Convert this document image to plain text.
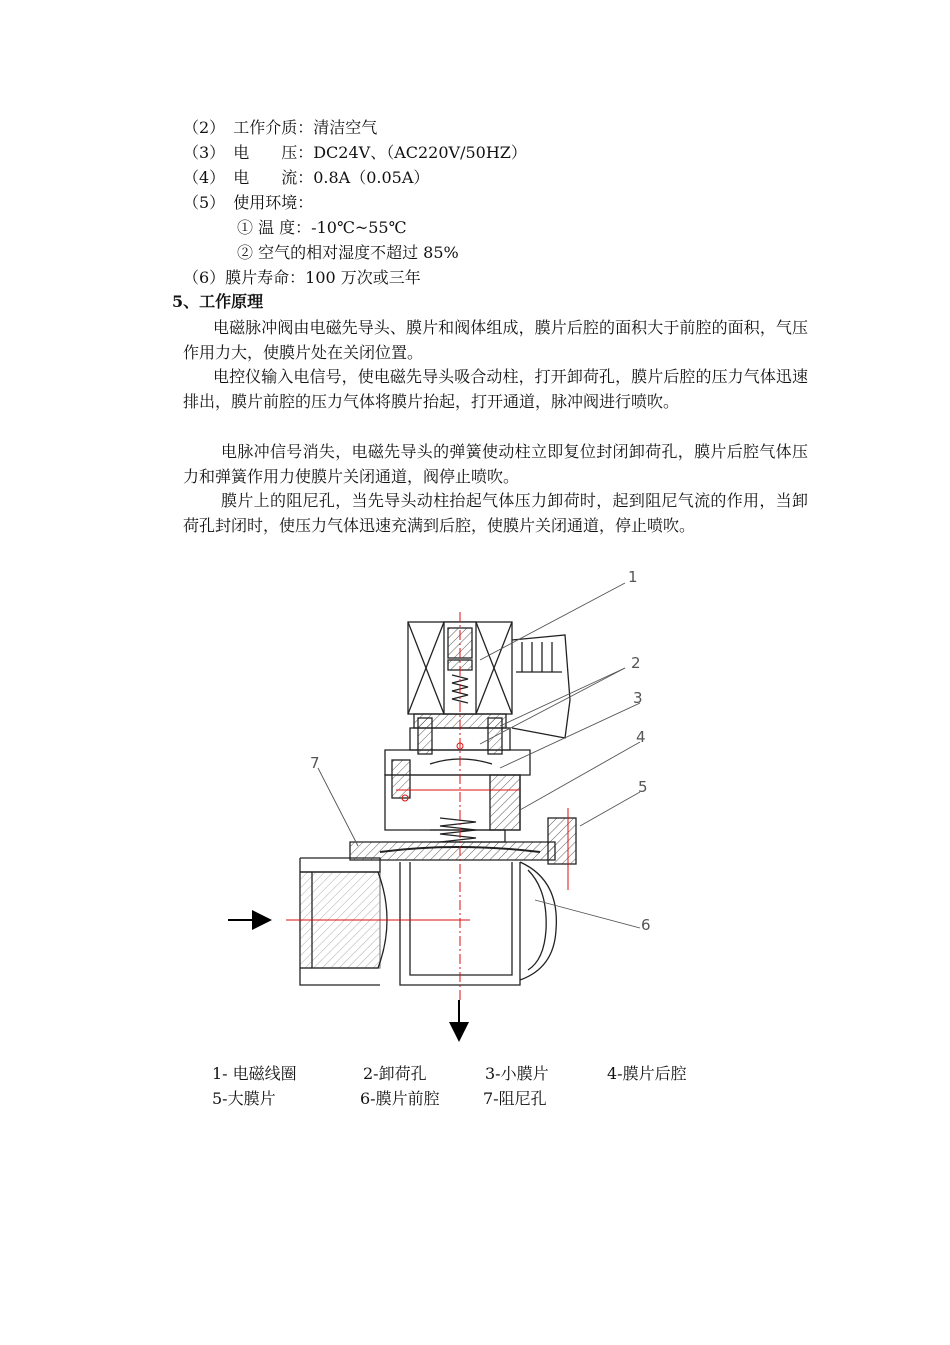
（2） 工作介质：清洁空气
（3） 电　　压：DC24V、（AC220V/50HZ）
（4） 电　　流：0.8A（0.05A）
（5） 使用环境：
① 温 度：-10℃~55℃
② 空气的相对湿度不超过 85%
（6）膜片寿命：100 万次或三年
5、工作原理

电磁脉冲阀由电磁先导头、膜片和阀体组成，膜片后腔的面积大于前腔的面积，气压作用力大，使膜片处在关闭位置。

电控仪输入电信号，使电磁先导头吸合动柱，打开卸荷孔，膜片后腔的压力气体迅速排出，膜片前腔的压力气体将膜片抬起，打开通道，脉冲阀进行喷吹。

电脉冲信号消失，电磁先导头的弹簧使动柱立即复位封闭卸荷孔，膜片后腔气体压力和弹簧作用力使膜片关闭通道，阀停止喷吹。

膜片上的阻尼孔，当先导头动柱抬起气体压力卸荷时，起到阻尼气流的作用，当卸荷孔封闭时，使压力气体迅速充满到后腔，使膜片关闭通道，停止喷吹。

1
2
3
4
5
6
7
1- 电磁线圈	2-卸荷孔	3-小膜片	4-膜片后腔
5-大膜片	6-膜片前腔	7-阻尼孔
